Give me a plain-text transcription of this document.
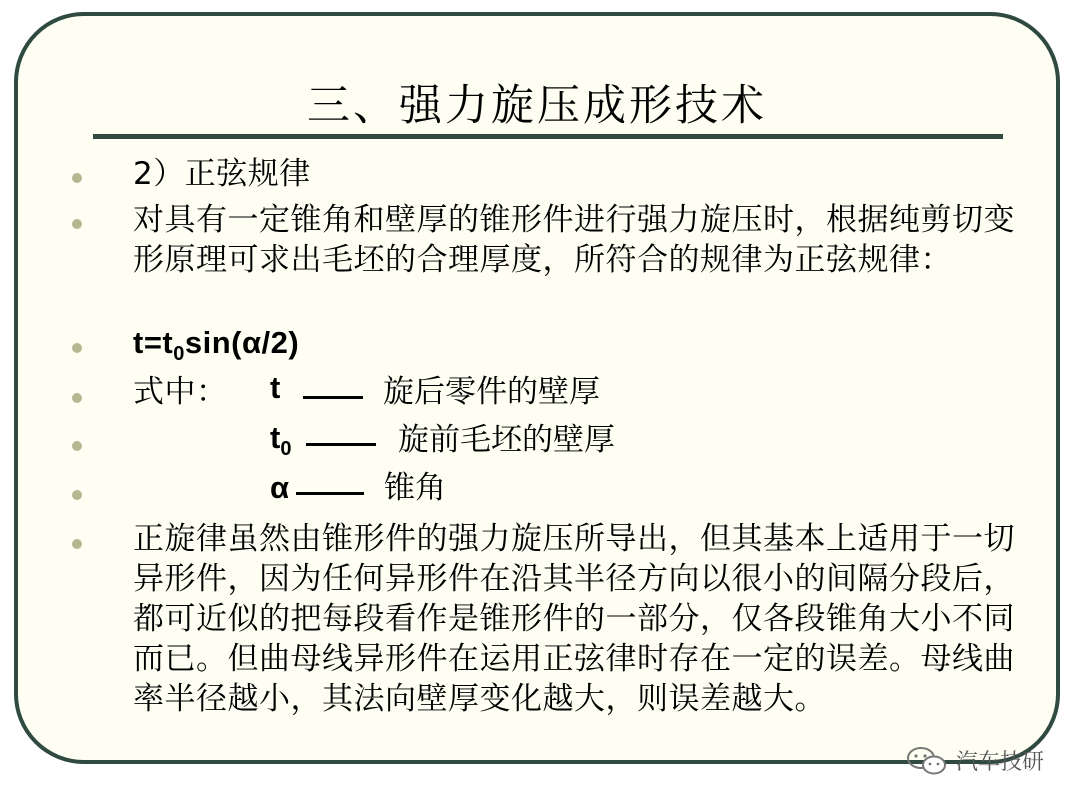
三、强力旋压成形技术
2）正弦规律
对具有一定锥角和壁厚的锥形件进行强力旋压时，根据纯剪切变形原理可求出毛坯的合理厚度，所符合的规律为正弦规律：
$t=t_0\sin(\alpha/2)$
式中：	t	旋后零件的壁厚
$t_0$	旋前毛坯的壁厚
α	锥角
正旋律虽然由锥形件的强力旋压所导出，但其基本上适用于一切异形件，因为任何异形件在沿其半径方向以很小的间隔分段后，都可近似的把每段看作是锥形件的一部分，仅各段锥角大小不同而已。但曲母线异形件在运用正弦律时存在一定的误差。母线曲率半径越小，其法向壁厚变化越大，则误差越大。
汽车技研
